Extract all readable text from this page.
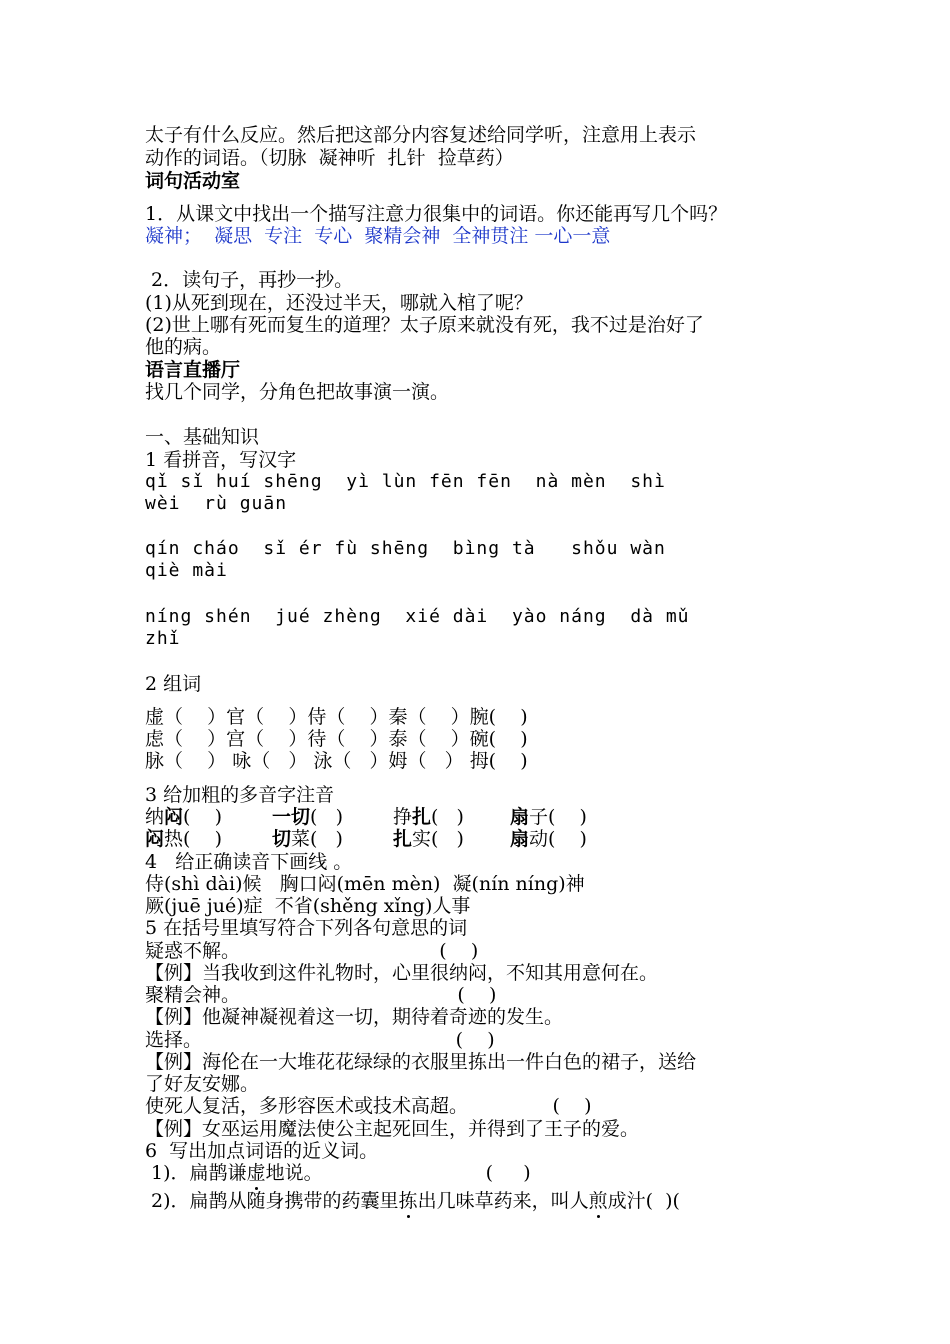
太子有什么反应。然后把这部分内容复述给同学听，注意用上表示
动作的词语。（切脉  凝神听  扎针  捡草药）
词句活动室
1．从课文中找出一个描写注意力很集中的词语。你还能再写几个吗？
凝神；  凝思  专注  专心  聚精会神  全神贯注 一心一意
2．读句子，再抄一抄。
(1)从死到现在，还没过半天，哪就入棺了呢？
(2)世上哪有死而复生的道理？太子原来就没有死，我不过是治好了
他的病。
语言直播厅
找几个同学，分角色把故事演一演。
一、基础知识
1 看拼音，写汉字
qǐ sǐ huí shēng  yì lùn fēn fēn  nà mèn  shì
wèi  rù guān
qín cháo  sǐ ér fù shēng  bìng tà   shǒu wàn
qiè mài
níng shén  jué zhèng  xié dài  yào náng  dà mǔ
zhǐ
2 组词
虚（    ）官（    ）侍（    ）秦（    ）腕(    )
虑（    ）宫（    ）待（    ）泰（    ）碗(    )
脉（    ） 咏（   ） 泳（   ）姆（   ） 拇(    )
3 给加粗的多音字注音
纳闷(    )	一切(   )	挣扎(   ) 扇子(    )
闷热(    )	切菜(   )	扎实(   ) 扇动(    )
4   给正确读音下画线 。
侍(shì dài)候   胸口闷(mēn mèn)  凝(nín níng)神
厥(juē jué)症  不省(shěng xǐng)人事
5 在括号里填写符合下列各句意思的词
疑惑不解。                                 (    )
【例】当我收到这件礼物时，心里很纳闷，不知其用意何在。
聚精会神。                                    (    )
【例】他凝神凝视着这一切，期待着奇迹的发生。
选择。                                          (    )
【例】海伦在一大堆花花绿绿的衣服里拣出一件白色的裙子，送给
了好友安娜。
使死人复活，多形容医术或技术高超。              (    )
【例】女巫运用魔法使公主起死回生，并得到了王子的爱。
6  写出加点词语的近义词。
1)．扁鹊谦虚地说。                           (     )
2)．扁鹊从随身携带的药囊里拣出几味草药来，叫人煎成汁(  )(
